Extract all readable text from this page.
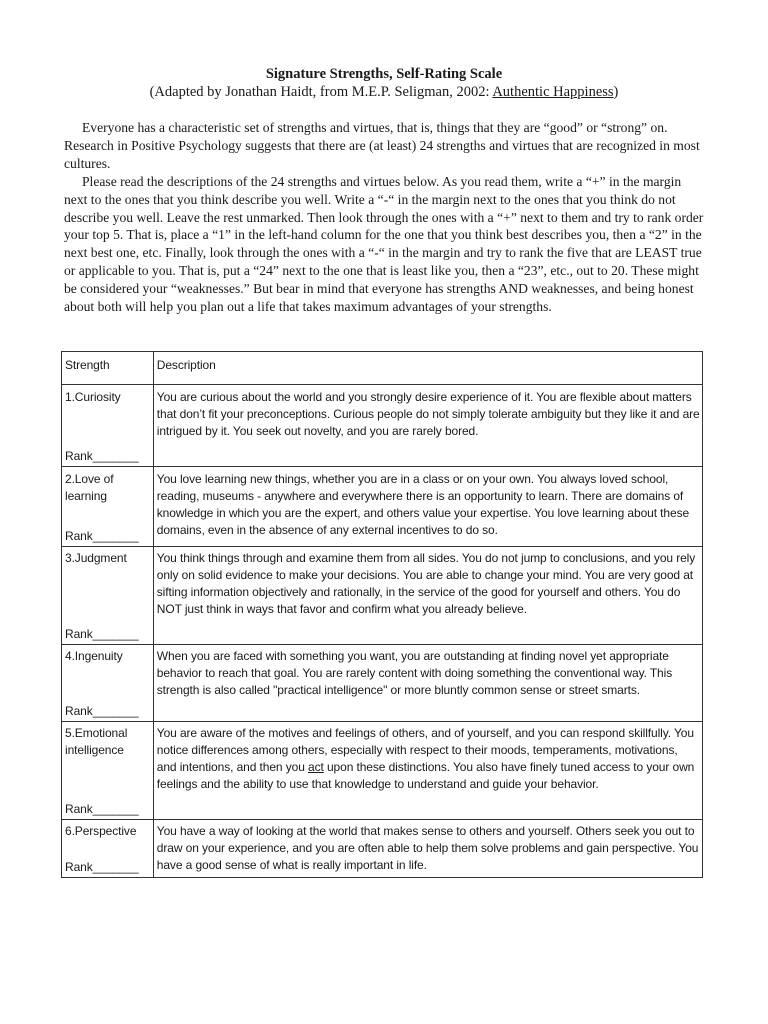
Signature Strengths, Self-Rating Scale
(Adapted by Jonathan Haidt, from M.E.P. Seligman, 2002: Authentic Happiness)

Everyone has a characteristic set of strengths and virtues, that is, things that they are “good” or “strong” on. Research in Positive Psychology suggests that there are (at least) 24 strengths and virtues that are recognized in most cultures.

Please read the descriptions of the 24 strengths and virtues below. As you read them, write a “+” in the margin next to the ones that you think describe you well. Write a “-“ in the margin next to the ones that you think do not describe you well. Leave the rest unmarked. Then look through the ones with a “+” next to them and try to rank order your top 5. That is, place a “1” in the left-hand column for the one that you think best describes you, then a “2” in the next best one, etc. Finally, look through the ones with a “-“ in the margin and try to rank the five that are LEAST true or applicable to you. That is, put a “24” next to the one that is least like you, then a “23”, etc., out to 20. These might be considered your “weaknesses.” But bear in mind that everyone has strengths AND weaknesses, and being honest about both will help you plan out a life that takes maximum advantages of your strengths.

Strength	Description
1.Curiosity
Rank_______	You are curious about the world and you strongly desire experience of it. You are flexible about matters that don’t fit your preconceptions. Curious people do not simply tolerate ambiguity but they like it and are intrigued by it. You seek out novelty, and you are rarely bored.
2.Love of learning
Rank_______	You love learning new things, whether you are in a class or on your own. You always loved school, reading, museums - anywhere and everywhere there is an opportunity to learn. There are domains of knowledge in which you are the expert, and others value your expertise. You love learning about these domains, even in the absence of any external incentives to do so.
3.Judgment
Rank_______	You think things through and examine them from all sides. You do not jump to conclusions, and you rely only on solid evidence to make your decisions. You are able to change your mind. You are very good at sifting information objectively and rationally, in the service of the good for yourself and others. You do NOT just think in ways that favor and confirm what you already believe.
4.Ingenuity
Rank_______	When you are faced with something you want, you are outstanding at finding novel yet appropriate behavior to reach that goal. You are rarely content with doing something the conventional way. This strength is also called "practical intelligence" or more bluntly common sense or street smarts.
5.Emotional intelligence
Rank_______	You are aware of the motives and feelings of others, and of yourself, and you can respond skillfully. You notice differences among others, especially with respect to their moods, temperaments, motivations, and intentions, and then you act upon these distinctions. You also have finely tuned access to your own feelings and the ability to use that knowledge to understand and guide your behavior.
6.Perspective
Rank_______	You have a way of looking at the world that makes sense to others and yourself. Others seek you out to draw on your experience, and you are often able to help them solve problems and gain perspective. You have a good sense of what is really important in life.
